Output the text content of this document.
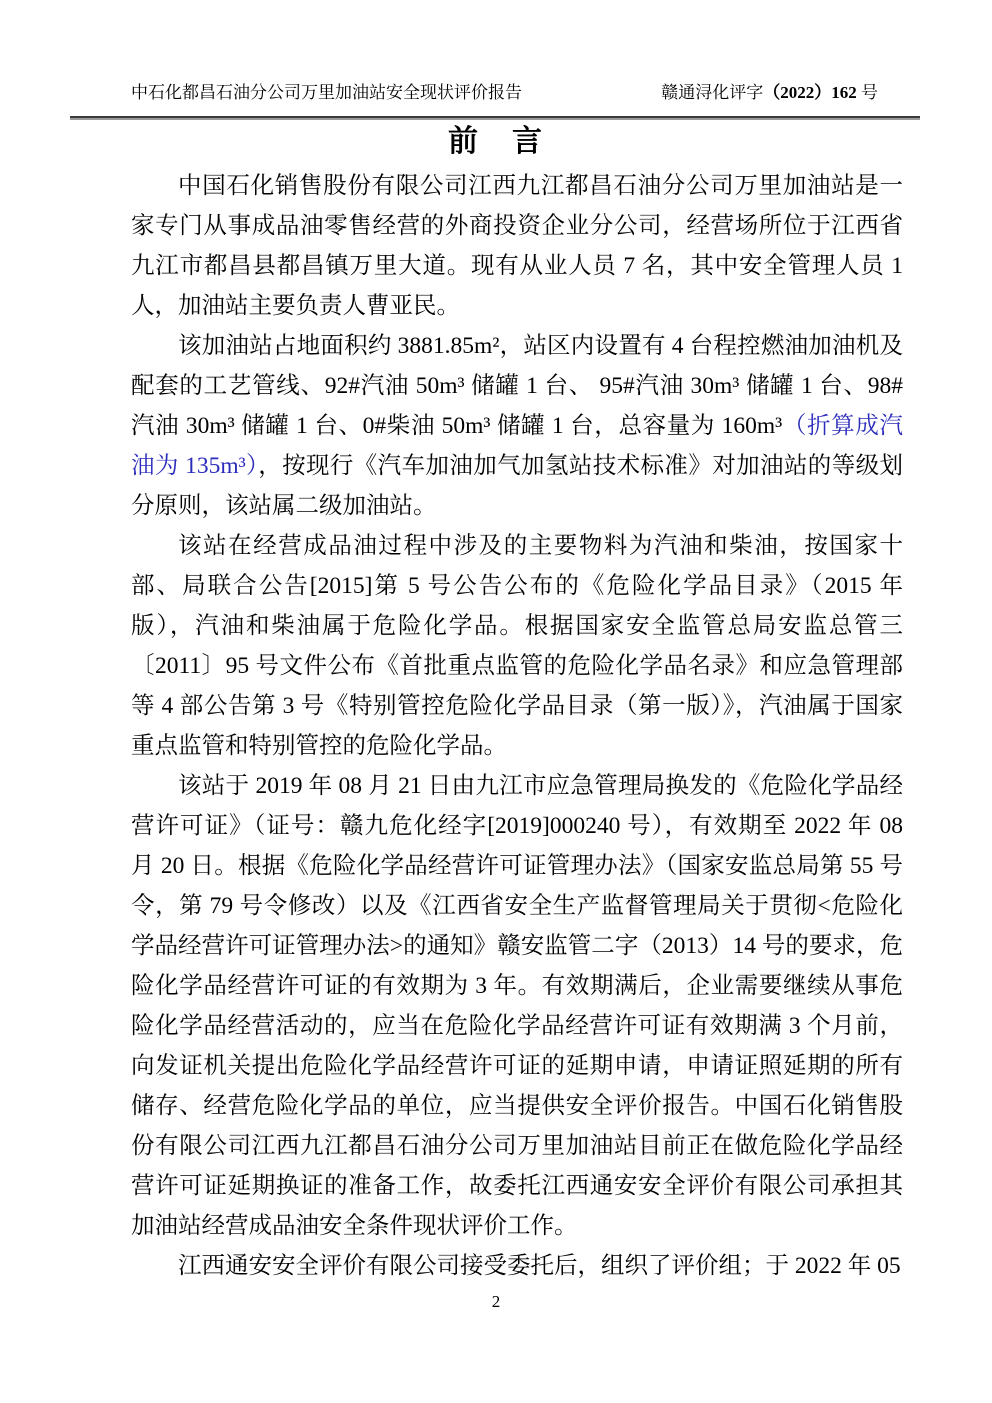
中石化都昌石油分公司万里加油站安全现状评价报告	赣通浔化评字（2022）162 号
前　言

中国石化销售股份有限公司江西九江都昌石油分公司万里加油站是一家专门从事成品油零售经营的外商投资企业分公司，经营场所位于江西省九江市都昌县都昌镇万里大道。现有从业人员 7 名，其中安全管理人员 1 人，加油站主要负责人曹亚民。

该加油站占地面积约 3881.85m²，站区内设置有 4 台程控燃油加油机及配套的工艺管线、92#汽油 50m³ 储罐 1 台、 95#汽油 30m³ 储罐 1 台、98#汽油 30m³ 储罐 1 台、0#柴油 50m³ 储罐 1 台，总容量为 160m³（折算成汽油为 135m³），按现行《汽车加油加气加氢站技术标准》对加油站的等级划分原则，该站属二级加油站。

该站在经营成品油过程中涉及的主要物料为汽油和柴油，按国家十部、局联合公告[2015]第 5 号公告公布的《危险化学品目录》（2015 年版），汽油和柴油属于危险化学品。根据国家安全监管总局安监总管三〔2011〕95 号文件公布《首批重点监管的危险化学品名录》和应急管理部等 4 部公告第 3 号《特别管控危险化学品目录（第一版）》，汽油属于国家重点监管和特别管控的危险化学品。

该站于 2019 年 08 月 21 日由九江市应急管理局换发的《危险化学品经营许可证》（证号：赣九危化经字[2019]000240 号），有效期至 2022 年 08 月 20 日。根据《危险化学品经营许可证管理办法》（国家安监总局第 55 号令，第 79 号令修改）以及《江西省安全生产监督管理局关于贯彻<危险化学品经营许可证管理办法>的通知》赣安监管二字（2013）14 号的要求，危险化学品经营许可证的有效期为 3 年。有效期满后，企业需要继续从事危险化学品经营活动的，应当在危险化学品经营许可证有效期满 3 个月前，向发证机关提出危险化学品经营许可证的延期申请，申请证照延期的所有储存、经营危险化学品的单位，应当提供安全评价报告。中国石化销售股份有限公司江西九江都昌石油分公司万里加油站目前正在做危险化学品经营许可证延期换证的准备工作，故委托江西通安安全评价有限公司承担其加油站经营成品油安全条件现状评价工作。

江西通安安全评价有限公司接受委托后，组织了评价组；于 2022 年 05

2
